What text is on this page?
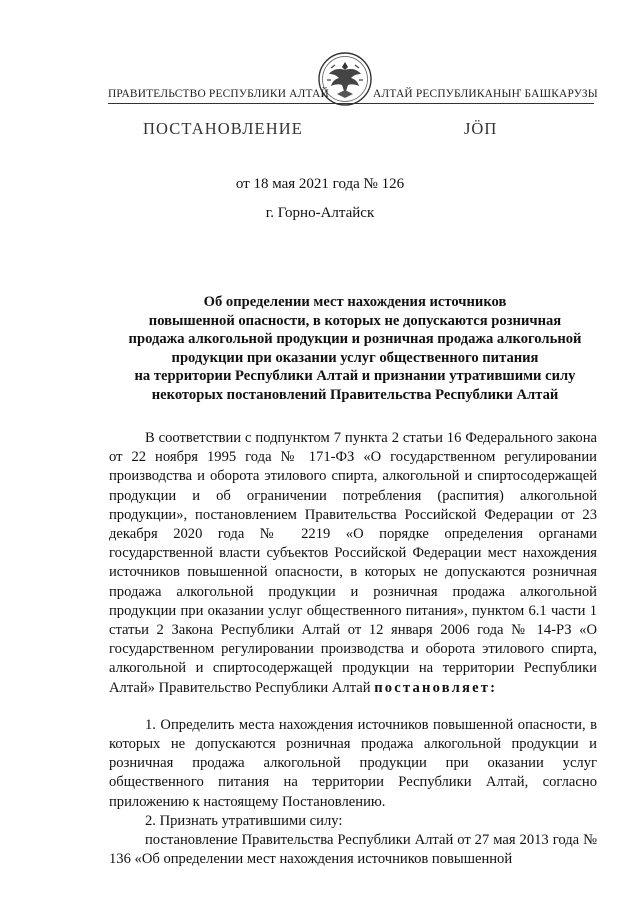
ПРАВИТЕЛЬСТВО РЕСПУБЛИКИ АЛТАЙ	АЛТАЙ РЕСПУБЛИКАНЫҤ БАШКАРУЗЫ
ПОСТАНОВЛЕНИЕ	ЈӦП
от 18 мая 2021 года № 126
г. Горно-Алтайск
Об определении мест нахождения источников
повышенной опасности, в которых не допускаются розничная
продажа алкогольной продукции и розничная продажа алкогольной
продукции при оказании услуг общественного питания
на территории Республики Алтай и признании утратившими силу
некоторых постановлений Правительства Республики Алтай

В соответствии с подпунктом 7 пункта 2 статьи 16 Федерального закона от 22 ноября 1995 года № 171-ФЗ «О государственном регулировании производства и оборота этилового спирта, алкогольной и спиртосодержащей продукции и об ограничении потребления (распития) алкогольной продукции», постановлением Правительства Российской Федерации от 23 декабря 2020 года № 2219 «О порядке определения органами государственной власти субъектов Российской Федерации мест нахождения источников повышенной опасности, в которых не допускаются розничная продажа алкогольной продукции и розничная продажа алкогольной продукции при оказании услуг общественного питания», пунктом 6.1 части 1 статьи 2 Закона Республики Алтай от 12 января 2006 года № 14-РЗ «О государственном регулировании производства и оборота этилового спирта, алкогольной и спиртосодержащей продукции на территории Республики Алтай» Правительство Республики Алтай постановляет:

1. Определить места нахождения источников повышенной опасности, в которых не допускаются розничная продажа алкогольной продукции и розничная продажа алкогольной продукции при оказании услуг общественного питания на территории Республики Алтай, согласно приложению к настоящему Постановлению.

2. Признать утратившими силу:

постановление Правительства Республики Алтай от 27 мая 2013 года № 136 «Об определении мест нахождения источников повышенной
